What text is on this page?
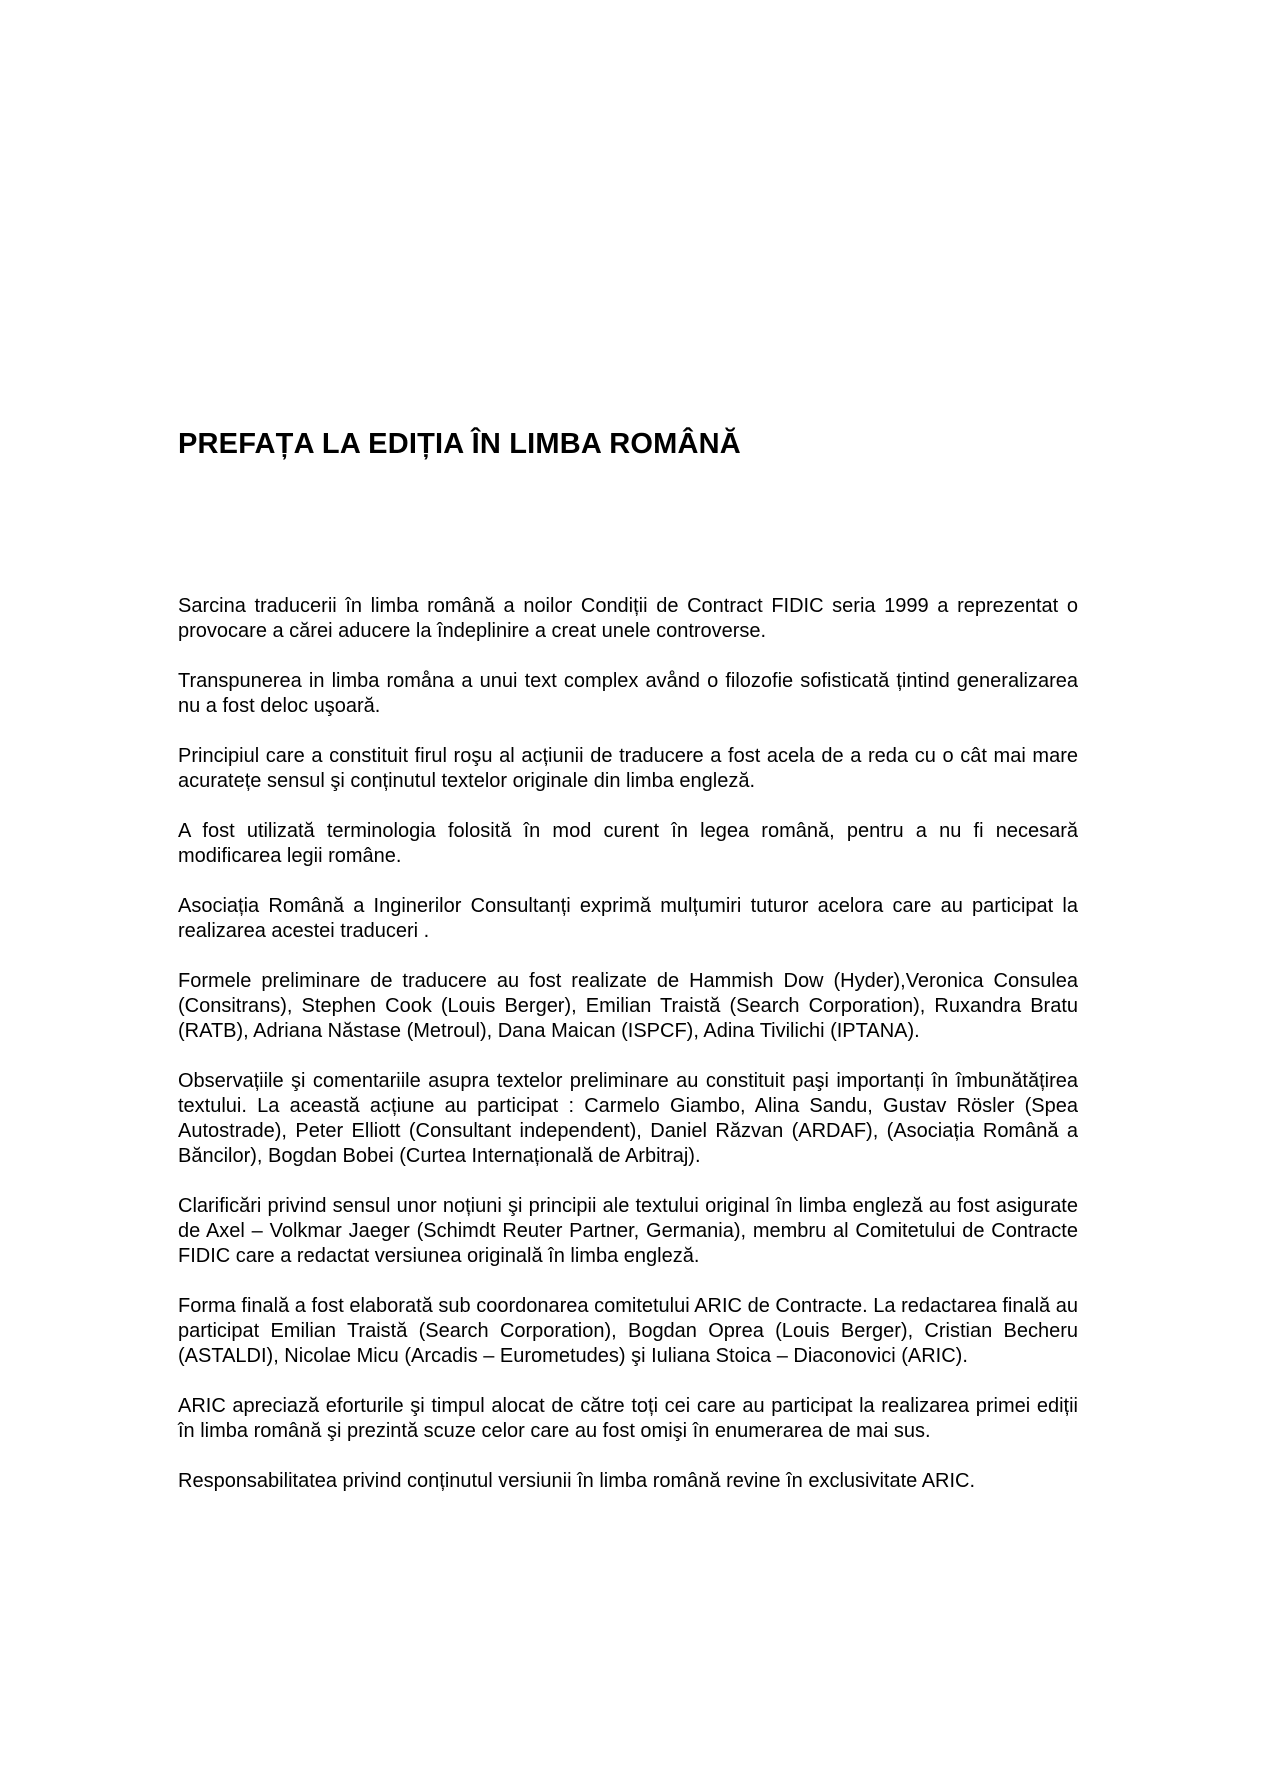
PREFAȚA LA EDIȚIA ÎN LIMBA ROMÂNĂ

Sarcina traducerii în limba română a noilor Condiții de Contract FIDIC seria 1999 a reprezentat o provocare a cărei aducere la îndeplinire a creat unele controverse.

Transpunerea in limba romåna a unui text complex avånd o filozofie sofisticată țintind generalizarea nu a fost deloc uşoară.

Principiul care a constituit firul roşu al acțiunii de traducere a fost acela de a reda cu o cât mai mare acuratețe sensul şi conținutul textelor originale din limba engleză.

A fost utilizată terminologia folosită în mod curent în legea română, pentru a nu fi necesară modificarea legii române.

Asociația Română a Inginerilor Consultanți exprimă mulțumiri tuturor acelora care au participat la realizarea acestei traduceri .

Formele preliminare de traducere au fost realizate de Hammish Dow (Hyder),Veronica Consulea (Consitrans), Stephen Cook (Louis Berger), Emilian Traistă (Search Corporation), Ruxandra Bratu (RATB), Adriana Năstase (Metroul), Dana Maican (ISPCF), Adina Tivilichi (IPTANA).

Observațiile şi comentariile asupra textelor preliminare au constituit paşi importanți în îmbunătățirea textului. La această acțiune au participat : Carmelo Giambo, Alina Sandu, Gustav Rösler (Spea Autostrade), Peter Elliott (Consultant independent), Daniel Răzvan (ARDAF), (Asociația Română a Băncilor), Bogdan Bobei (Curtea Internațională de Arbitraj).

Clarificări privind sensul unor noțiuni şi principii ale textului original în limba engleză au fost asigurate de Axel – Volkmar Jaeger (Schimdt Reuter Partner, Germania), membru al Comitetului de Contracte FIDIC care a redactat versiunea originală în limba engleză.

Forma finală a fost elaborată sub coordonarea comitetului ARIC de Contracte. La redactarea finală au participat Emilian Traistă (Search Corporation), Bogdan Oprea (Louis Berger), Cristian Becheru (ASTALDI), Nicolae Micu (Arcadis – Eurometudes) şi Iuliana Stoica – Diaconovici (ARIC).

ARIC apreciază eforturile şi timpul alocat de către toți cei care au participat la realizarea primei ediții în limba română şi prezintă scuze celor care au fost omişi în enumerarea de mai sus.

Responsabilitatea privind conținutul versiunii în limba română revine în exclusivitate ARIC.
